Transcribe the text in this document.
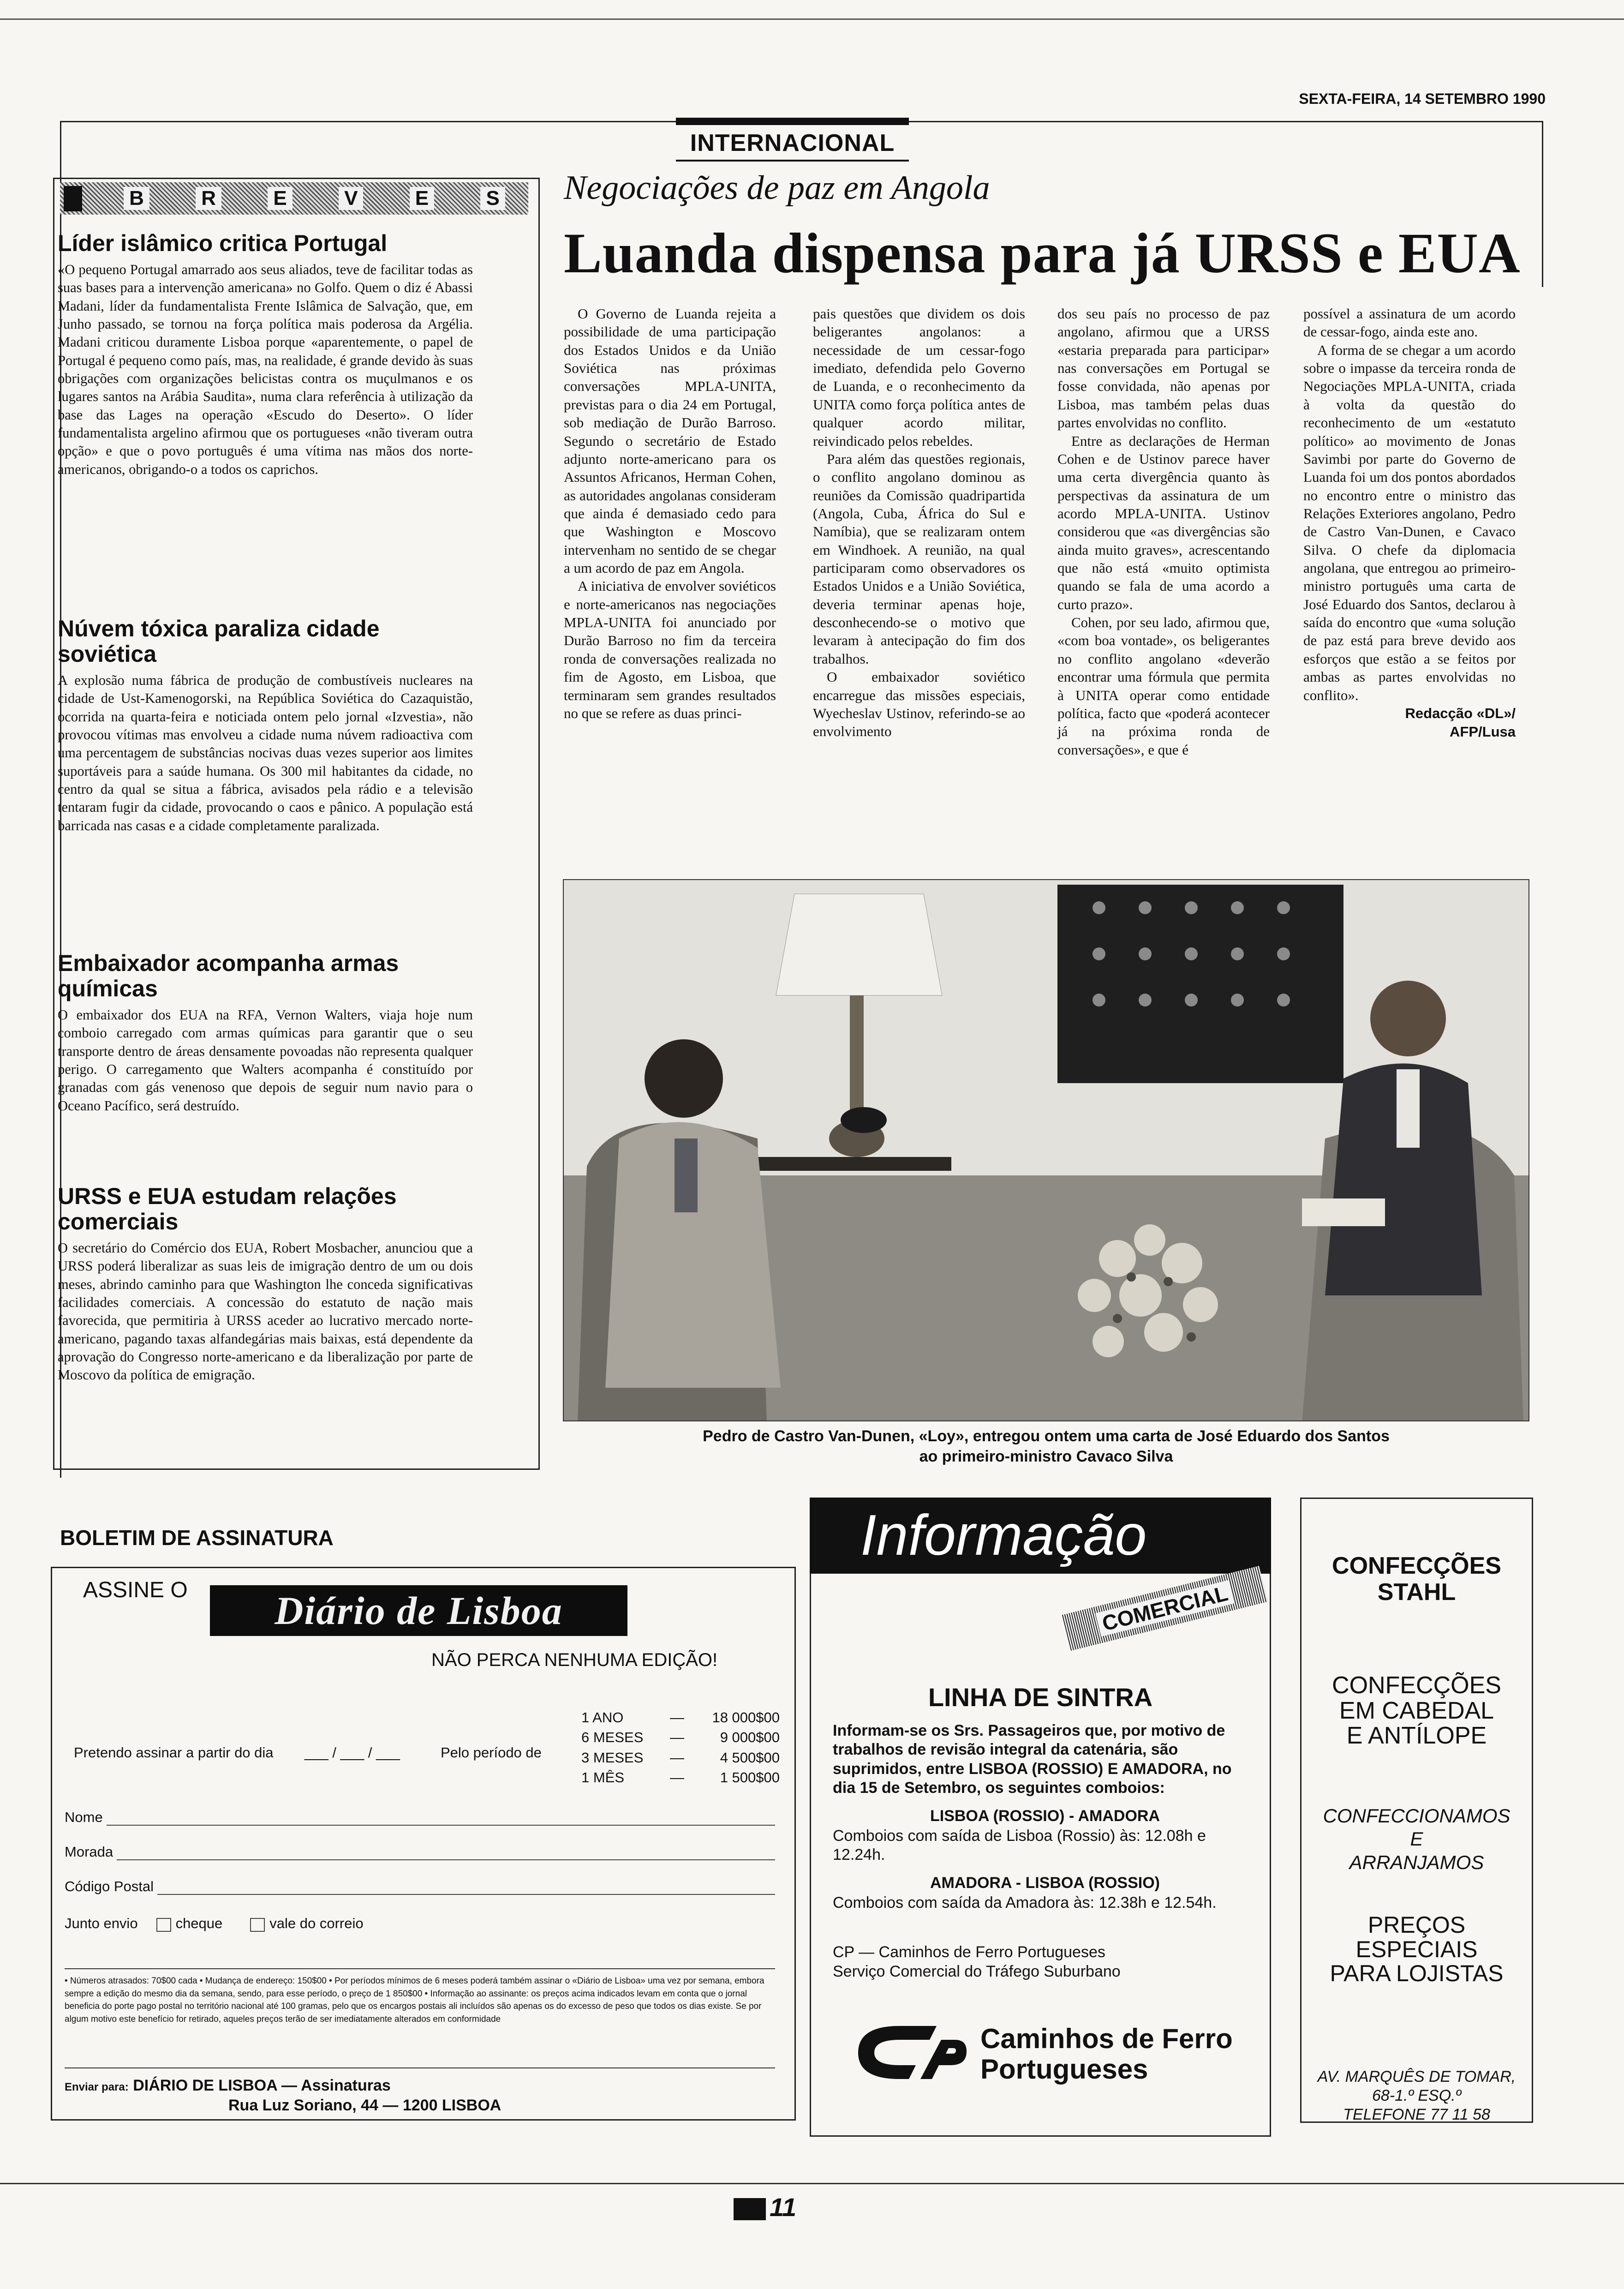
SEXTA-FEIRA, 14 SETEMBRO 1990
INTERNACIONAL
B	R	E	V	E	S
Líder islâmico critica Portugal

«O pequeno Portugal amarrado aos seus aliados, teve de facilitar todas as suas bases para a intervenção americana» no Golfo. Quem o diz é Abassi Madani, líder da fundamentalista Frente Islâmica de Salvação, que, em Junho passado, se tornou na força política mais poderosa da Argélia. Madani criticou duramente Lisboa porque «aparentemente, o papel de Portugal é pequeno como país, mas, na realidade, é grande devido às suas obrigações com organizações belicistas contra os muçulmanos e os lugares santos na Arábia Saudita», numa clara referência à utilização da base das Lages na operação «Escudo do Deserto». O líder fundamentalista argelino afirmou que os portugueses «não tiveram outra opção» e que o povo português é uma vítima nas mãos dos norte-americanos, obrigando-o a todos os caprichos.

Núvem tóxica paraliza cidade soviética

A explosão numa fábrica de produção de combustíveis nucleares na cidade de Ust-Kamenogorski, na República Soviética do Cazaquistão, ocorrida na quarta-feira e noticiada ontem pelo jornal «Izvestia», não provocou vítimas mas envolveu a cidade numa núvem radioactiva com uma percentagem de substâncias nocivas duas vezes superior aos limites suportáveis para a saúde humana. Os 300 mil habitantes da cidade, no centro da qual se situa a fábrica, avisados pela rádio e a televisão tentaram fugir da cidade, provocando o caos e pânico. A população está barricada nas casas e a cidade completamente paralizada.

Embaixador acompanha armas químicas

O embaixador dos EUA na RFA, Vernon Walters, viaja hoje num comboio carregado com armas químicas para garantir que o seu transporte dentro de áreas densamente povoadas não representa qualquer perigo. O carregamento que Walters acompanha é constituído por granadas com gás venenoso que depois de seguir num navio para o Oceano Pacífico, será destruído.

URSS e EUA estudam relações comerciais

O secretário do Comércio dos EUA, Robert Mosbacher, anunciou que a URSS poderá liberalizar as suas leis de imigração dentro de um ou dois meses, abrindo caminho para que Washington lhe conceda significativas facilidades comerciais. A concessão do estatuto de nação mais favorecida, que permitiria à URSS aceder ao lucrativo mercado norte-americano, pagando taxas alfandegárias mais baixas, está dependente da aprovação do Congresso norte-americano e da liberalização por parte de Moscovo da política de emigração.

Negociações de paz em Angola
Luanda dispensa para já URSS e EUA

O Governo de Luanda rejeita a possibilidade de uma participação dos Estados Unidos e da União Soviética nas próximas conversações MPLA-UNITA, previstas para o dia 24 em Portugal, sob mediação de Durão Barroso. Segundo o secretário de Estado adjunto norte-americano para os Assuntos Africanos, Herman Cohen, as autoridades angolanas consideram que ainda é demasiado cedo para que Washington e Moscovo intervenham no sentido de se chegar a um acordo de paz em Angola.

A iniciativa de envolver soviéticos e norte-americanos nas negociações MPLA-UNITA foi anunciado por Durão Barroso no fim da terceira ronda de conversações realizada no fim de Agosto, em Lisboa, que terminaram sem grandes resultados no que se refere as duas princi-

pais questões que dividem os dois beligerantes angolanos: a necessidade de um cessar-fogo imediato, defendida pelo Governo de Luanda, e o reconhecimento da UNITA como força política antes de qualquer acordo militar, reivindicado pelos rebeldes.

Para além das questões regionais, o conflito angolano dominou as reuniões da Comissão quadripartida (Angola, Cuba, África do Sul e Namíbia), que se realizaram ontem em Windhoek. A reunião, na qual participaram como observadores os Estados Unidos e a União Soviética, deveria terminar apenas hoje, desconhecendo-se o motivo que levaram à antecipação do fim dos trabalhos.

O embaixador soviético encarregue das missões especiais, Wyecheslav Ustinov, referindo-se ao envolvimento

dos seu país no processo de paz angolano, afirmou que a URSS «estaria preparada para participar» nas conversações em Portugal se fosse convidada, não apenas por Lisboa, mas também pelas duas partes envolvidas no conflito.

Entre as declarações de Herman Cohen e de Ustinov parece haver uma certa divergência quanto às perspectivas da assinatura de um acordo MPLA-UNITA. Ustinov considerou que «as divergências são ainda muito graves», acrescentando que não está «muito optimista quando se fala de uma acordo a curto prazo».

Cohen, por seu lado, afirmou que, «com boa vontade», os beligerantes no conflito angolano «deverão encontrar uma fórmula que permita à UNITA operar como entidade política, facto que «poderá acontecer já na próxima ronda de conversações», e que é

possível a assinatura de um acordo de cessar-fogo, ainda este ano.

A forma de se chegar a um acordo sobre o impasse da terceira ronda de Negociações MPLA-UNITA, criada à volta da questão do reconhecimento de um «estatuto político» ao movimento de Jonas Savimbi por parte do Governo de Luanda foi um dos pontos abordados no encontro entre o ministro das Relações Exteriores angolano, Pedro de Castro Van-Dunen, e Cavaco Silva. O chefe da diplomacia angolana, que entregou ao primeiro-ministro português uma carta de José Eduardo dos Santos, declarou à saída do encontro que «uma solução de paz está para breve devido aos esforços que estão a se feitos por ambas as partes envolvidas no conflito».

Redacção «DL»/
AFP/Lusa
Pedro de Castro Van-Dunen, «Loy», entregou ontem uma carta de José Eduardo dos Santos
ao primeiro-ministro Cavaco Silva
BOLETIM DE ASSINATURA
ASSINE O	Diário de Lisboa
NÃO PERCA NENHUMA EDIÇÃO!
Pretendo assinar a partir do dia ___ / ___ / ___	Pelo período de
1 ANO	—	18 000$00
6 MESES	—	9 000$00
3 MESES	—	4 500$00
1 MÊS	—	1 500$00
Nome
Morada
Código Postal
Junto envio	cheque	vale do correio
• Números atrasados: 70$00 cada • Mudança de endereço: 150$00 • Por períodos mínimos de 6 meses poderá também assinar o «Diário de Lisboa» uma vez por semana, embora sempre a edição do mesmo dia da semana, sendo, para esse período, o preço de 1 850$00 • Informação ao assinante: os preços acima indicados levam em conta que o jornal beneficia do porte pago postal no território nacional até 100 gramas, pelo que os encargos postais ali incluídos são apenas os do excesso de peso que todos os dias existe. Se por algum motivo este benefício for retirado, aqueles preços terão de ser imediatamente alterados em conformidade
Enviar para: DIÁRIO DE LISBOA — Assinaturas
Rua Luz Soriano, 44 — 1200 LISBOA
Informação
COMERCIAL
LINHA DE SINTRA
Informam-se os Srs. Passageiros que, por motivo de trabalhos de revisão integral da catenária, são suprimidos, entre LISBOA (ROSSIO) E AMADORA, no dia 15 de Setembro, os seguintes comboios:
LISBOA (ROSSIO) - AMADORA
Comboios com saída de Lisboa (Rossio) às: 12.08h e 12.24h.
AMADORA - LISBOA (ROSSIO)
Comboios com saída da Amadora às: 12.38h e 12.54h.
CP — Caminhos de Ferro Portugueses
Serviço Comercial do Tráfego Suburbano
Caminhos de Ferro
Portugueses
CONFECÇÕES
STAHL
CONFECÇÕES
EM CABEDAL
E ANTÍLOPE
CONFECCIONAMOS
E
ARRANJAMOS
PREÇOS
ESPECIAIS
PARA LOJISTAS
AV. MARQUÊS DE TOMAR,
68-1.º ESQ.º
TELEFONE 77 11 58
11
